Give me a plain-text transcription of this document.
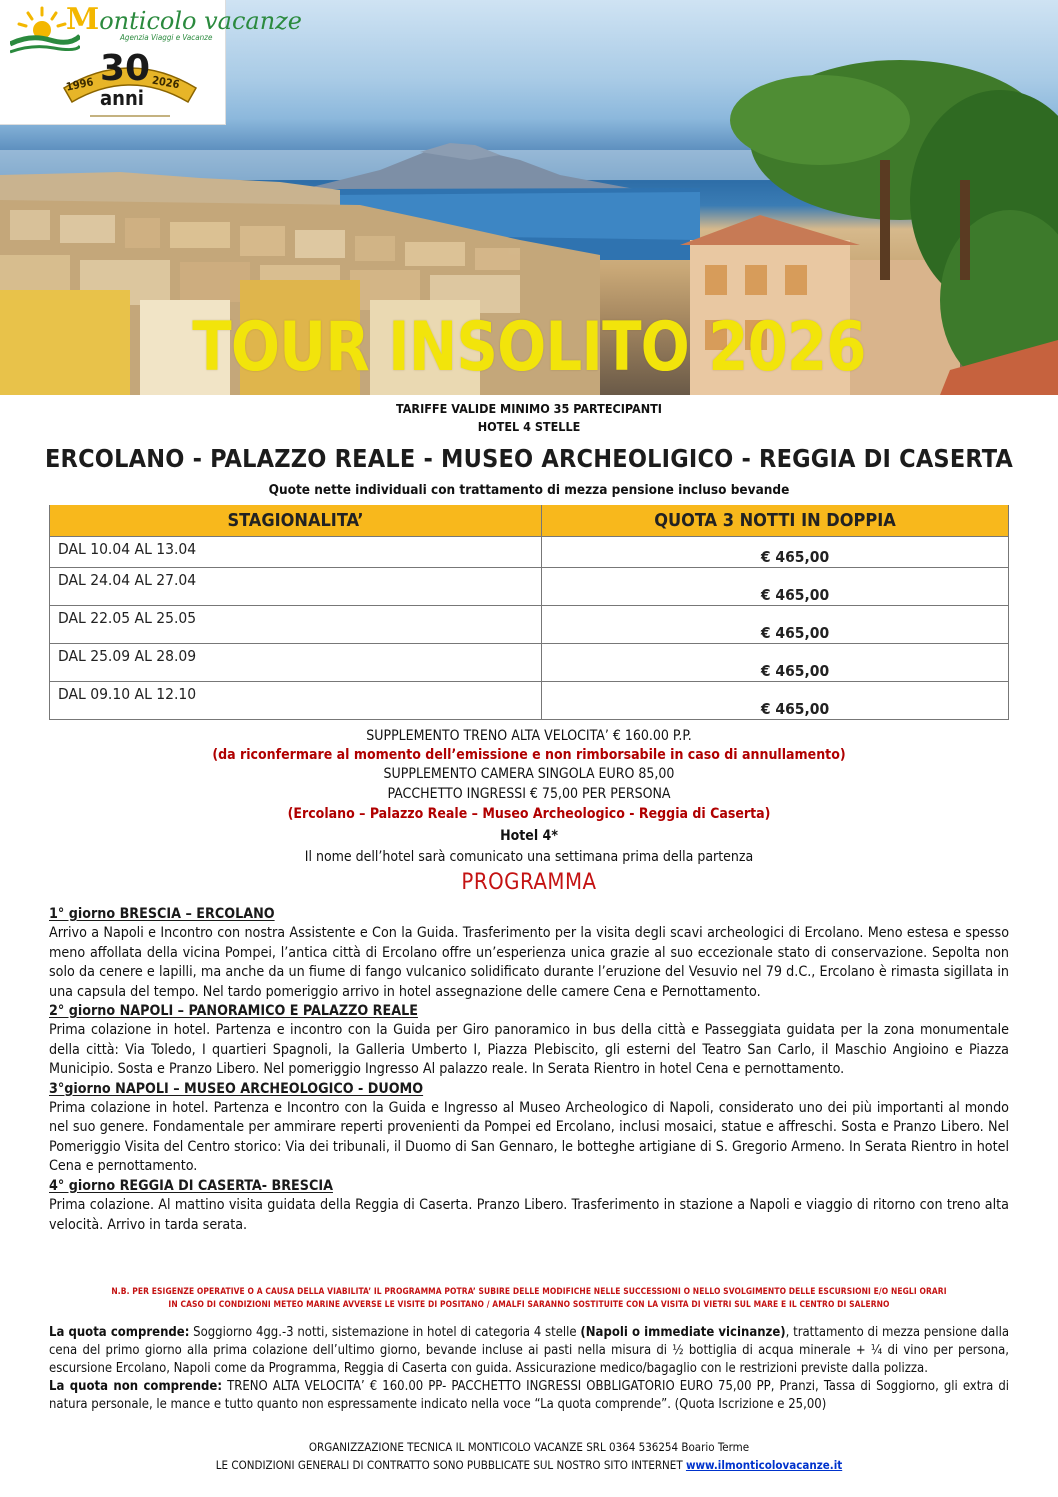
TOUR INSOLITO 2026
Monticolo vacanze
Agenzia Viaggi e Vacanze
1996	2026
30
anni
TARIFFE VALIDE MINIMO 35 PARTECIPANTI
HOTEL 4 STELLE
ERCOLANO - PALAZZO REALE - MUSEO ARCHEOLIGICO - REGGIA DI CASERTA
Quote nette individuali con trattamento di mezza pensione incluso bevande
STAGIONALITA’	QUOTA 3 NOTTI IN DOPPIA
DAL 10.04 AL 13.04	€ 465,00
DAL 24.04 AL 27.04	€ 465,00
DAL 22.05 AL 25.05	€ 465,00
DAL 25.09 AL 28.09	€ 465,00
DAL 09.10 AL 12.10	€ 465,00
SUPPLEMENTO TRENO ALTA VELOCITA’ € 160.00 P.P.
(da riconfermare al momento dell’emissione e non rimborsabile in caso di annullamento)
SUPPLEMENTO CAMERA SINGOLA EURO 85,00
PACCHETTO INGRESSI € 75,00 PER PERSONA
(Ercolano – Palazzo Reale – Museo Archeologico - Reggia di Caserta)
Hotel 4*
Il nome dell’hotel sarà comunicato una settimana prima della partenza
PROGRAMMA
1° giorno BRESCIA – ERCOLANO

Arrivo a Napoli e Incontro con nostra Assistente e Con la Guida. Trasferimento per la visita degli scavi archeologici di Ercolano. Meno estesa e spesso meno affollata della vicina Pompei, l’antica città di Ercolano offre un’esperienza unica grazie al suo eccezionale stato di conservazione. Sepolta non solo da cenere e lapilli, ma anche da un fiume di fango vulcanico solidificato durante l’eruzione del Vesuvio nel 79 d.C., Ercolano è rimasta sigillata in una capsula del tempo. Nel tardo pomeriggio arrivo in hotel assegnazione delle camere Cena e Pernottamento.

2° giorno NAPOLI – PANORAMICO E PALAZZO REALE

Prima colazione in hotel. Partenza e incontro con la Guida per Giro panoramico in bus della città e Passeggiata guidata per la zona monumentale della città: Via Toledo, I quartieri Spagnoli, la Galleria Umberto I, Piazza Plebiscito, gli esterni del Teatro San Carlo, il Maschio Angioino e Piazza Municipio. Sosta e Pranzo Libero. Nel pomeriggio Ingresso Al palazzo reale. In Serata Rientro in hotel Cena e pernottamento.

3°giorno NAPOLI – MUSEO ARCHEOLOGICO - DUOMO

Prima colazione in hotel. Partenza e Incontro con la Guida e Ingresso al Museo Archeologico di Napoli, considerato uno dei più importanti al mondo nel suo genere. Fondamentale per ammirare reperti provenienti da Pompei ed Ercolano, inclusi mosaici, statue e affreschi. Sosta e Pranzo Libero. Nel Pomeriggio Visita del Centro storico: Via dei tribunali, il Duomo di San Gennaro, le botteghe artigiane di S. Gregorio Armeno. In Serata Rientro in hotel Cena e pernottamento.

4° giorno REGGIA DI CASERTA- BRESCIA

Prima colazione. Al mattino visita guidata della Reggia di Caserta. Pranzo Libero. Trasferimento in stazione a Napoli e viaggio di ritorno con treno alta velocità. Arrivo in tarda serata.

N.B. PER ESIGENZE OPERATIVE O A CAUSA DELLA VIABILITA’ IL PROGRAMMA POTRA’ SUBIRE DELLE MODIFICHE NELLE SUCCESSIONI O NELLO SVOLGIMENTO DELLE ESCURSIONI E/O NEGLI ORARI
IN CASO DI CONDIZIONI METEO MARINE AVVERSE LE VISITE DI POSITANO / AMALFI SARANNO SOSTITUITE CON LA VISITA DI VIETRI SUL MARE E IL CENTRO DI SALERNO

La quota comprende: Soggiorno 4gg.-3 notti, sistemazione in hotel di categoria 4 stelle (Napoli o immediate vicinanze), trattamento di mezza pensione dalla cena del primo giorno alla prima colazione dell’ultimo giorno, bevande incluse ai pasti nella misura di ½ bottiglia di acqua minerale + ¼ di vino per persona, escursione Ercolano, Napoli come da Programma, Reggia di Caserta con guida. Assicurazione medico/bagaglio con le restrizioni previste dalla polizza.

La quota non comprende: TRENO ALTA VELOCITA’ € 160.00 PP- PACCHETTO INGRESSI OBBLIGATORIO EURO 75,00 PP, Pranzi, Tassa di Soggiorno, gli extra di natura personale, le mance e tutto quanto non espressamente indicato nella voce “La quota comprende”. (Quota Iscrizione e 25,00)

ORGANIZZAZIONE TECNICA IL MONTICOLO VACANZE SRL 0364 536254 Boario Terme
LE CONDIZIONI GENERALI DI CONTRATTO SONO PUBBLICATE SUL NOSTRO SITO INTERNET www.ilmonticolovacanze.it
